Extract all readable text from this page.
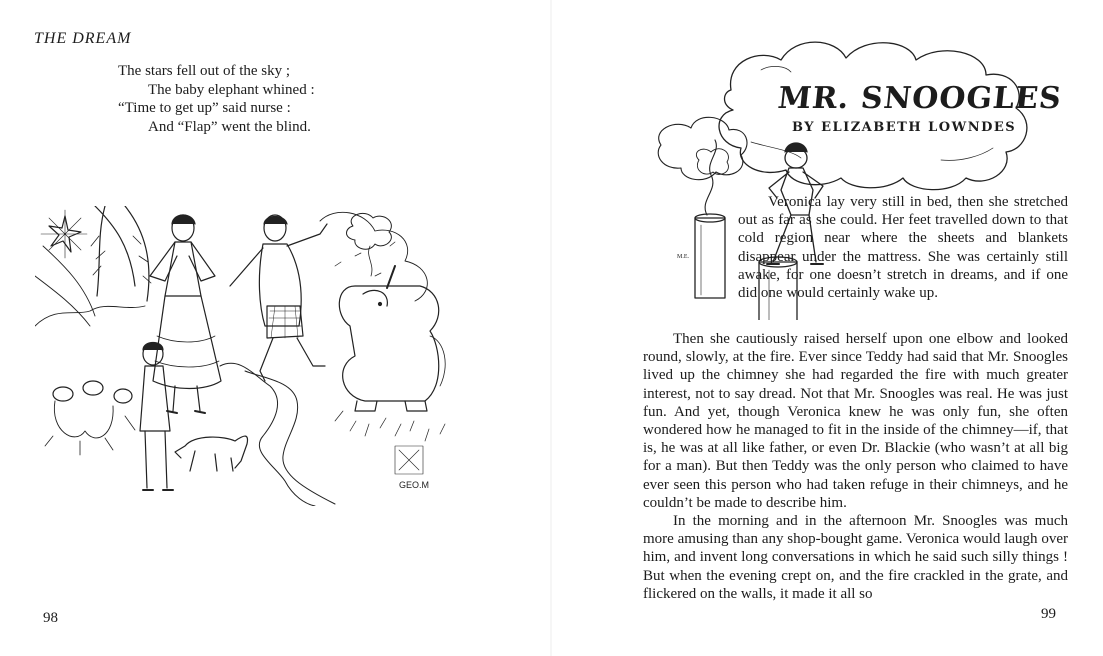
THE DREAM
The stars fell out of the sky ;
The baby elephant whined :
“Time to get up” said nurse :
And “Flap” went the blind.
GEO.M
98
M.E.
MR. SNOOGLES
BY ELIZABETH LOWNDES

Veronica lay very still in bed, then she stretched out as far as she could. Her feet travelled down to that cold region near where the sheets and blankets disappear under the mattress. She was certainly still awake, for one doesn’t stretch in dreams, and if one did one would certainly wake up.

Then she cautiously raised herself upon one elbow and looked round, slowly, at the fire. Ever since Teddy had said that Mr. Snoogles lived up the chimney she had regarded the fire with much greater interest, not to say dread. Not that Mr. Snoogles was real. He was just fun. And yet, though Veronica knew he was only fun, she often wondered how he managed to fit in the inside of the chimney—if, that is, he was at all like father, or even Dr. Blackie (who wasn’t at all big for a man). But then Teddy was the only person who claimed to have ever seen this person who had taken refuge in their chimneys, and he couldn’t be made to describe him.

In the morning and in the afternoon Mr. Snoogles was much more amusing than any shop-bought game. Veronica would laugh over him, and invent long conversations in which he said such silly things ! But when the evening crept on, and the fire crackled in the grate, and flickered on the walls, it made it all so

99
